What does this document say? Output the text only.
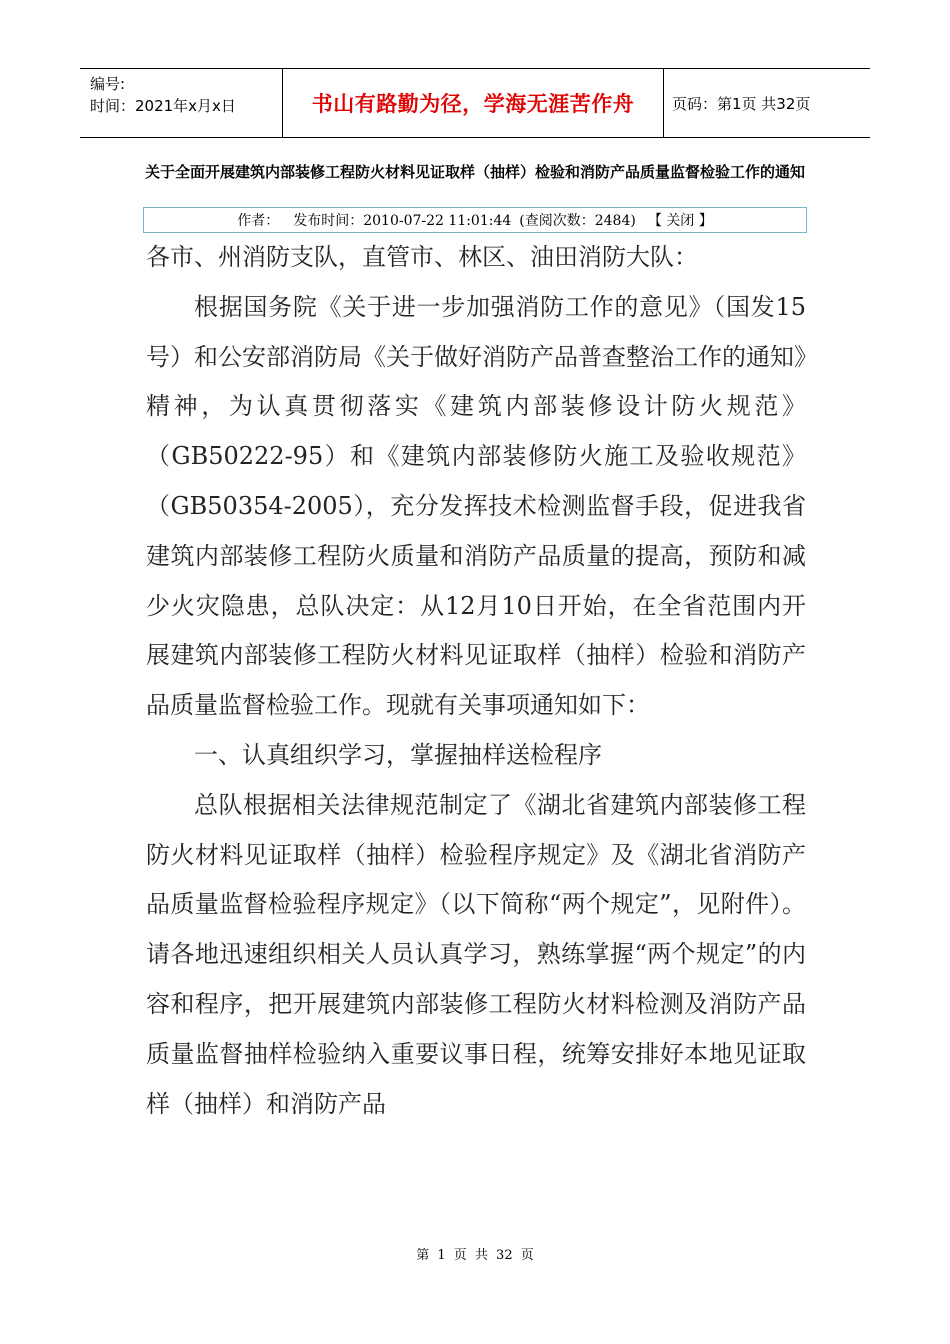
编号:
时间：2021年x月x日	书山有路勤为径，学海无涯苦作舟	页码：第1页 共32页
关于全面开展建筑内部装修工程防火材料见证取样（抽样）检验和消防产品质量监督检验工作的通知
作者： 发布时间：2010-07-22 11:01:44 (查阅次数：2484) 【 关闭 】

各市、州消防支队，直管市、林区、油田消防大队：

根据国务院《关于进一步加强消防工作的意见》（国发15号）和公安部消防局《关于做好消防产品普查整治工作的通知》精神，为认真贯彻落实《建筑内部装修设计防火规范》（GB50222-95）和《建筑内部装修防火施工及验收规范》（GB50354-2005），充分发挥技术检测监督手段，促进我省建筑内部装修工程防火质量和消防产品质量的提高，预防和减少火灾隐患，总队决定：从12月10日开始，在全省范围内开展建筑内部装修工程防火材料见证取样（抽样）检验和消防产品质量监督检验工作。现就有关事项通知如下：

一、认真组织学习，掌握抽样送检程序

总队根据相关法律规范制定了《湖北省建筑内部装修工程防火材料见证取样（抽样）检验程序规定》及《湖北省消防产品质量监督检验程序规定》（以下简称“两个规定”，见附件）。请各地迅速组织相关人员认真学习，熟练掌握“两个规定”的内容和程序，把开展建筑内部装修工程防火材料检测及消防产品质量监督抽样检验纳入重要议事日程，统筹安排好本地见证取样（抽样）和消防产品

第 1 页 共 32 页
